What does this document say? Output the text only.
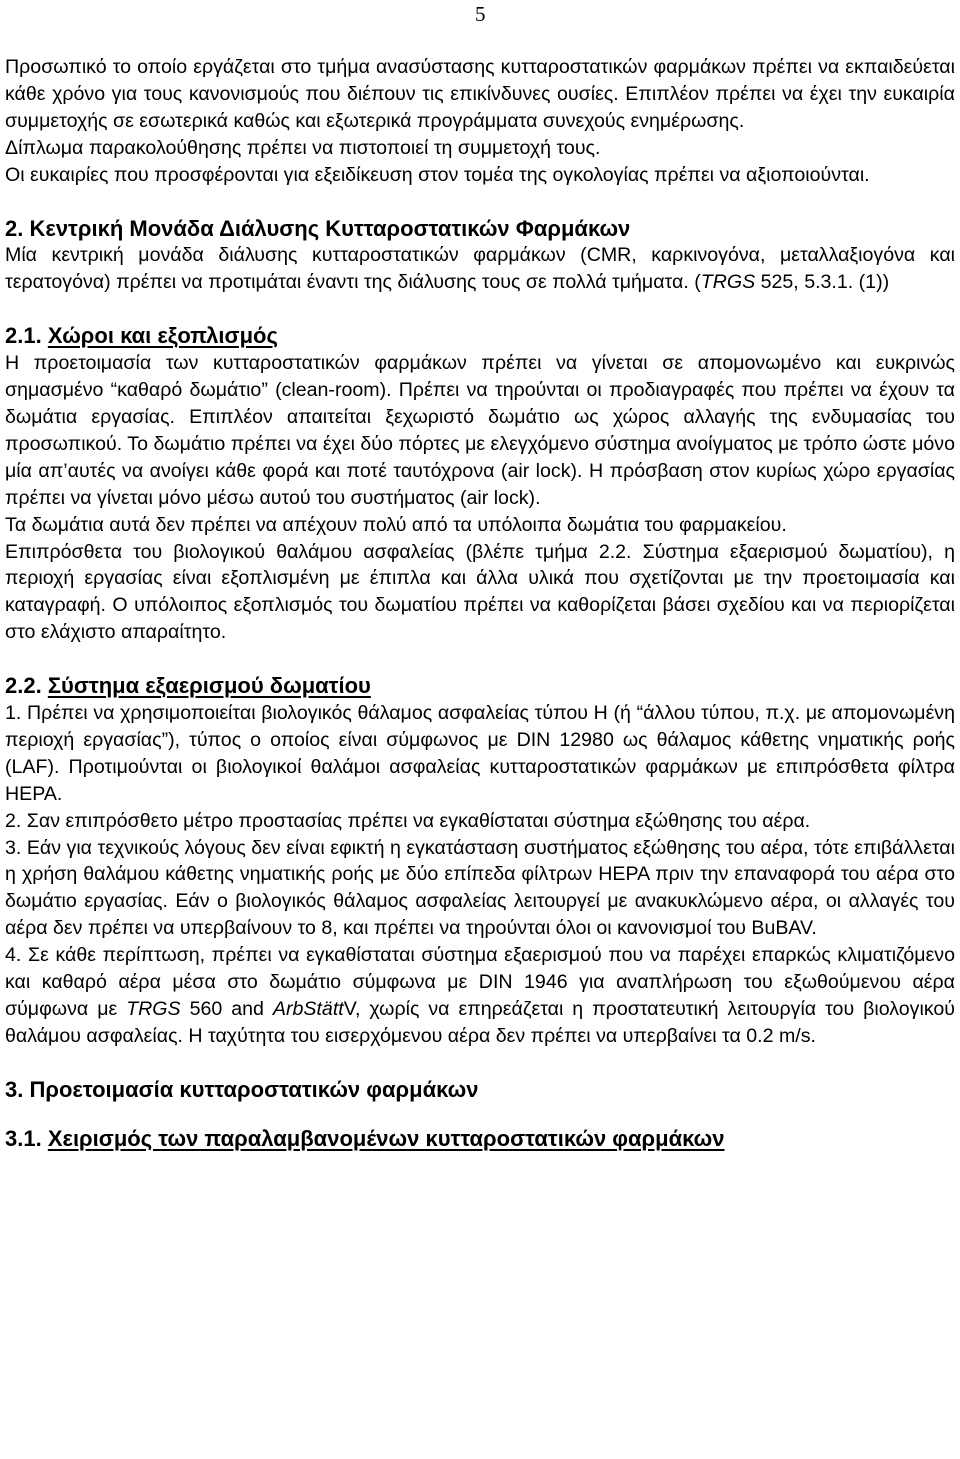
5

Προσωπικό το οποίο εργάζεται στο τμήμα ανασύστασης κυτταροστατικών φαρμάκων πρέπει να εκπαιδεύεται κάθε χρόνο για τους κανονισμούς που διέπουν τις επικίνδυνες ουσίες. Επιπλέον πρέπει να έχει την ευκαιρία συμμετοχής σε εσωτερικά καθώς και εξωτερικά προγράμματα συνεχούς ενημέρωσης.

Δίπλωμα παρακολούθησης πρέπει να πιστοποιεί τη συμμετοχή τους.

Οι ευκαιρίες που προσφέρονται για εξειδίκευση στον τομέα της ογκολογίας πρέπει να αξιοποιούνται.

2. Κεντρική Μονάδα Διάλυσης Κυτταροστατικών Φαρμάκων

Μία κεντρική μονάδα διάλυσης κυτταροστατικών φαρμάκων (CMR, καρκινογόνα, μεταλλαξιογόνα και τερατογόνα) πρέπει να προτιμάται έναντι της διάλυσης τους σε πολλά τμήματα. (TRGS 525, 5.3.1. (1))

2.1. Χώροι και εξοπλισμός

Η προετοιμασία των κυτταροστατικών φαρμάκων πρέπει να γίνεται σε απομονωμένο και ευκρινώς σημασμένο “καθαρό δωμάτιο” (clean-room). Πρέπει να τηρούνται οι προδιαγραφές που πρέπει να έχουν τα δωμάτια εργασίας. Επιπλέον απαιτείται ξεχωριστό δωμάτιο ως χώρος αλλαγής της ενδυμασίας του προσωπικού. Το δωμάτιο πρέπει να έχει δύο πόρτες με ελεγχόμενο σύστημα ανοίγματος με τρόπο ώστε μόνο μία απ’αυτές να ανοίγει κάθε φορά και ποτέ ταυτόχρονα (air lock). Η πρόσβαση στον κυρίως χώρο εργασίας πρέπει να γίνεται μόνο μέσω αυτού του συστήματος (air lock).

Τα δωμάτια αυτά δεν πρέπει να απέχουν πολύ από τα υπόλοιπα δωμάτια του φαρμακείου.

Επιπρόσθετα του βιολογικού θαλάμου ασφαλείας (βλέπε τμήμα 2.2. Σύστημα εξαερισμού δωματίου), η περιοχή εργασίας είναι εξοπλισμένη με έπιπλα και άλλα υλικά που σχετίζονται με την προετοιμασία και καταγραφή. Ο υπόλοιπος εξοπλισμός του δωματίου πρέπει να καθορίζεται βάσει σχεδίου και να περιορίζεται στο ελάχιστο απαραίτητο.

2.2. Σύστημα εξαερισμού δωματίου

1. Πρέπει να χρησιμοποιείται βιολογικός θάλαμος ασφαλείας τύπου Η (ή “άλλου τύπου, π.χ. με απομονωμένη περιοχή εργασίας”), τύπος ο οποίος είναι σύμφωνος με DIN 12980 ως θάλαμος κάθετης νηματικής ροής (LAF). Προτιμούνται οι βιολογικοί θαλάμοι ασφαλείας κυτταροστατικών φαρμάκων με επιπρόσθετα φίλτρα HEPA.

2. Σαν επιπρόσθετο μέτρο προστασίας πρέπει να εγκαθίσταται σύστημα εξώθησης του αέρα.

3. Εάν για τεχνικούς λόγους δεν είναι εφικτή η εγκατάσταση συστήματος εξώθησης του αέρα, τότε επιβάλλεται η χρήση θαλάμου κάθετης νηματικής ροής με δύο επίπεδα φίλτρων HEPA πριν την επαναφορά του αέρα στο δωμάτιο εργασίας. Εάν ο βιολογικός θάλαμος ασφαλείας λειτουργεί με ανακυκλώμενο αέρα, οι αλλαγές του αέρα δεν πρέπει να υπερβαίνουν το 8, και πρέπει να τηρούνται όλοι οι κανονισμοί του BuBAV.

4. Σε κάθε περίπτωση, πρέπει να εγκαθίσταται σύστημα εξαερισμού που να παρέχει επαρκώς κλιματιζόμενο και καθαρό αέρα μέσα στο δωμάτιο σύμφωνα με DIN 1946 για αναπλήρωση του εξωθούμενου αέρα σύμφωνα με TRGS 560 and ArbStättV, χωρίς να επηρεάζεται η προστατευτική λειτουργία του βιολογικού θαλάμου ασφαλείας. Η ταχύτητα του εισερχόμενου αέρα δεν πρέπει να υπερβαίνει τα 0.2 m/s.

3. Προετοιμασία κυτταροστατικών φαρμάκων
3.1. Χειρισμός των παραλαμβανομένων κυτταροστατικών φαρμάκων
